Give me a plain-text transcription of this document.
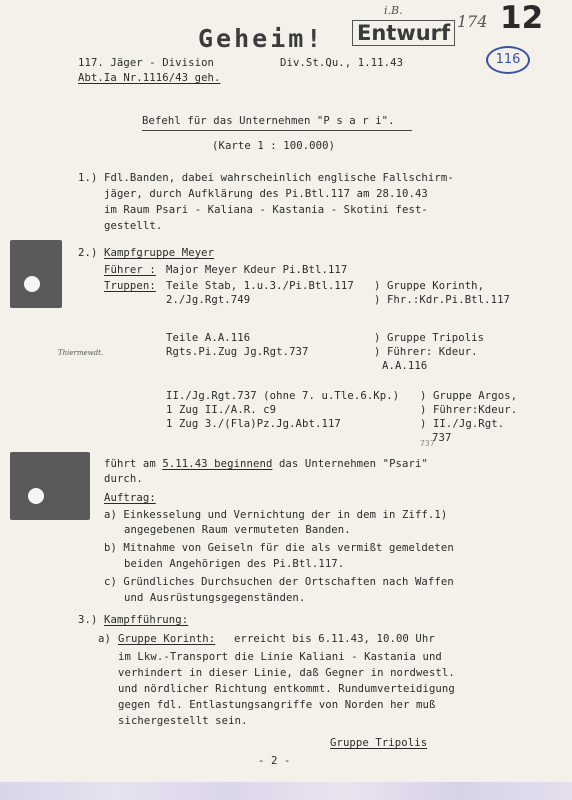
Geheim! Entwurf
i.B.
174 12
116
117. Jäger - Division	Div.St.Qu., 1.11.43
Abt.Ia Nr.1116/43 geh.
Befehl für das Unternehmen "P s a r i".
(Karte 1 : 100.000)
1.) Fdl.Banden, dabei wahrscheinlich englische Fallschirm-
jäger, durch Aufklärung des Pi.Btl.117 am 28.10.43
im Raum Psari - Kaliana - Kastania - Skotini fest-
gestellt.
2.) Kampfgruppe Meyer
Führer : Major Meyer Kdeur Pi.Btl.117
Truppen: Teile Stab, 1.u.3./Pi.Btl.117
2./Jg.Rgt.749
) Gruppe Korinth,
) Fhr.:Kdr.Pi.Btl.117
Teile A.A.116
Rgts.Pi.Zug Jg.Rgt.737
Thiermewdt.
) Gruppe Tripolis
) Führer: Kdeur.
A.A.116
II./Jg.Rgt.737 (ohne 7. u.Tle.6.Kp.)
1 Zug II./A.R. c9
1 Zug 3./(Fla)Pz.Jg.Abt.117
) Gruppe Argos,
) Führer:Kdeur.
) II./Jg.Rgt.
737
737
führt am 5.11.43 beginnend das Unternehmen "Psari"
durch.
Auftrag:
a) Einkesselung und Vernichtung der in dem in Ziff.1)
angegebenen Raum vermuteten Banden.
b) Mitnahme von Geiseln für die als vermißt gemeldeten
beiden Angehörigen des Pi.Btl.117.
c) Gründliches Durchsuchen der Ortschaften nach Waffen
und Ausrüstungsgegenständen.
3.) Kampfführung:
a) Gruppe Korinth: erreicht bis 6.11.43, 10.00 Uhr
im Lkw.-Transport die Linie Kaliani - Kastania und
verhindert in dieser Linie, daß Gegner in nordwestl.
und nördlicher Richtung entkommt. Rundumverteidigung
gegen fdl. Entlastungsangriffe von Norden her muß
sichergestellt sein.
Gruppe Tripolis
- 2 -
